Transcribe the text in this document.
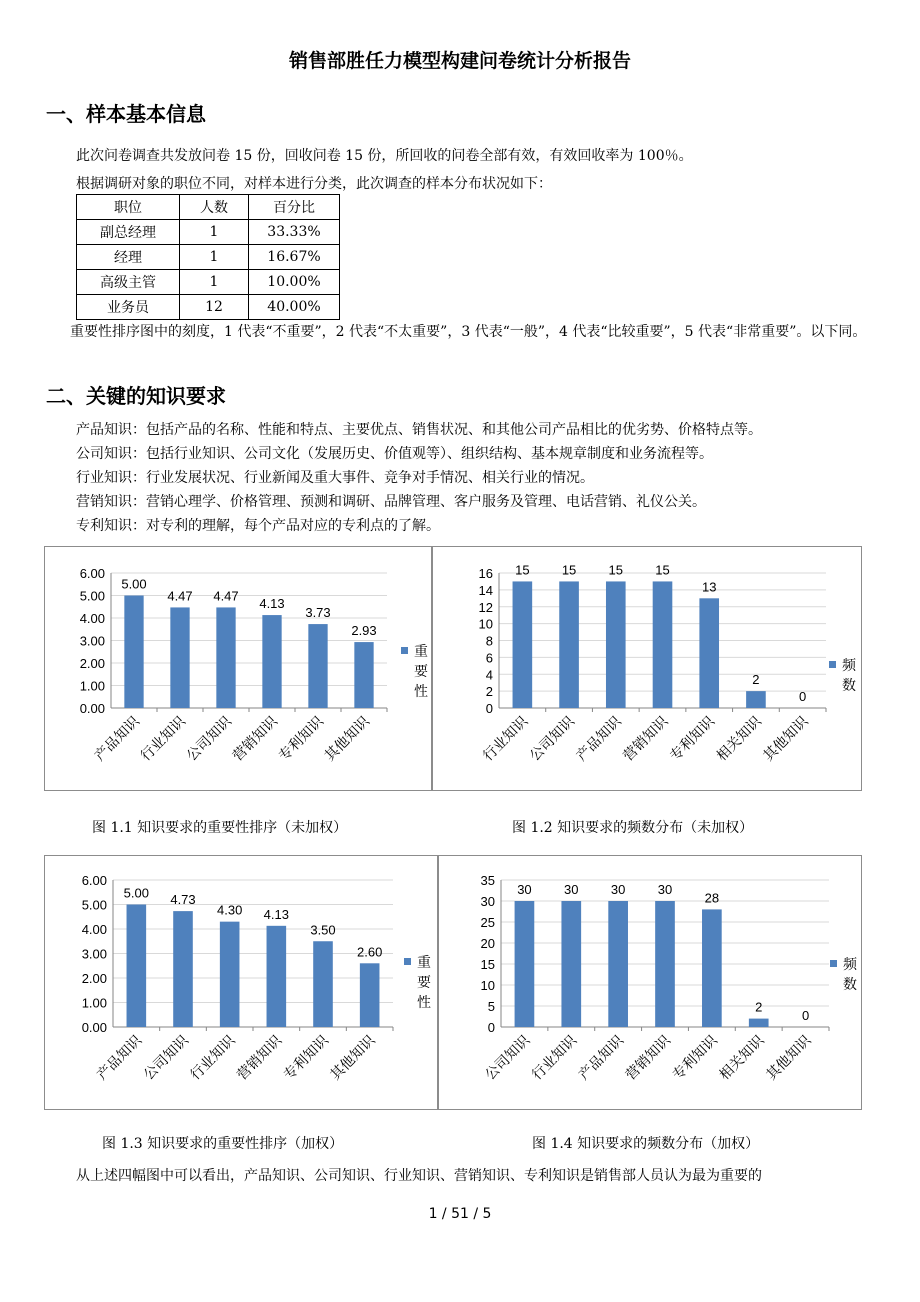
销售部胜任力模型构建问卷统计分析报告
一、样本基本信息
此次问卷调查共发放问卷 15 份，回收问卷 15 份，所回收的问卷全部有效，有效回收率为 100％。
根据调研对象的职位不同，对样本进行分类，此次调查的样本分布状况如下：
职位	人数	百分比
副总经理	1	33.33%
经理	1	16.67%
高级主管	1	10.00%
业务员	12	40.00%
重要性排序图中的刻度，1 代表“不重要”，2 代表“不太重要”，3 代表“一般”，4 代表“比较重要”，5 代表“非常重要”。以下同。
二、关键的知识要求
产品知识：包括产品的名称、性能和特点、主要优点、销售状况、和其他公司产品相比的优劣势、价格特点等。
公司知识：包括行业知识、公司文化（发展历史、价值观等）、组织结构、基本规章制度和业务流程等。
行业知识：行业发展状况、行业新闻及重大事件、竞争对手情况、相关行业的情况。
营销知识：营销心理学、价格管理、预测和调研、品牌管理、客户服务及管理、电话营销、礼仪公关。
专利知识：对专利的理解，每个产品对应的专利点的了解。
0.00
1.00
2.00
3.00
4.00
5.00
6.00
5.00
产品知识
4.47
行业知识
4.47
公司知识
4.13
营销知识
3.73
专利知识
2.93
其他知识
重
要
性
0
2
4
6
8
10
12
14
16 15
行业知识
15
公司知识
15
产品知识
15
营销知识
13
专利知识
2
相关知识
0
其他知识
频
数
图 1.1 知识要求的重要性排序（未加权）	图 1.2 知识要求的频数分布（未加权）
0.00
1.00
2.00
3.00
4.00
5.00
6.00
5.00
产品知识
4.73
公司知识
4.30
行业知识
4.13
营销知识
3.50
专利知识
2.60
其他知识
重
要
性
0
5
10
15
20
25
30
35
30
公司知识
30
行业知识
30
产品知识
30
营销知识
28
专利知识
2
相关知识
0
其他知识
频
数
图 1.3 知识要求的重要性排序（加权）	图 1.4 知识要求的频数分布（加权）
从上述四幅图中可以看出，产品知识、公司知识、行业知识、营销知识、专利知识是销售部人员认为最为重要的
1 / 51 / 5
